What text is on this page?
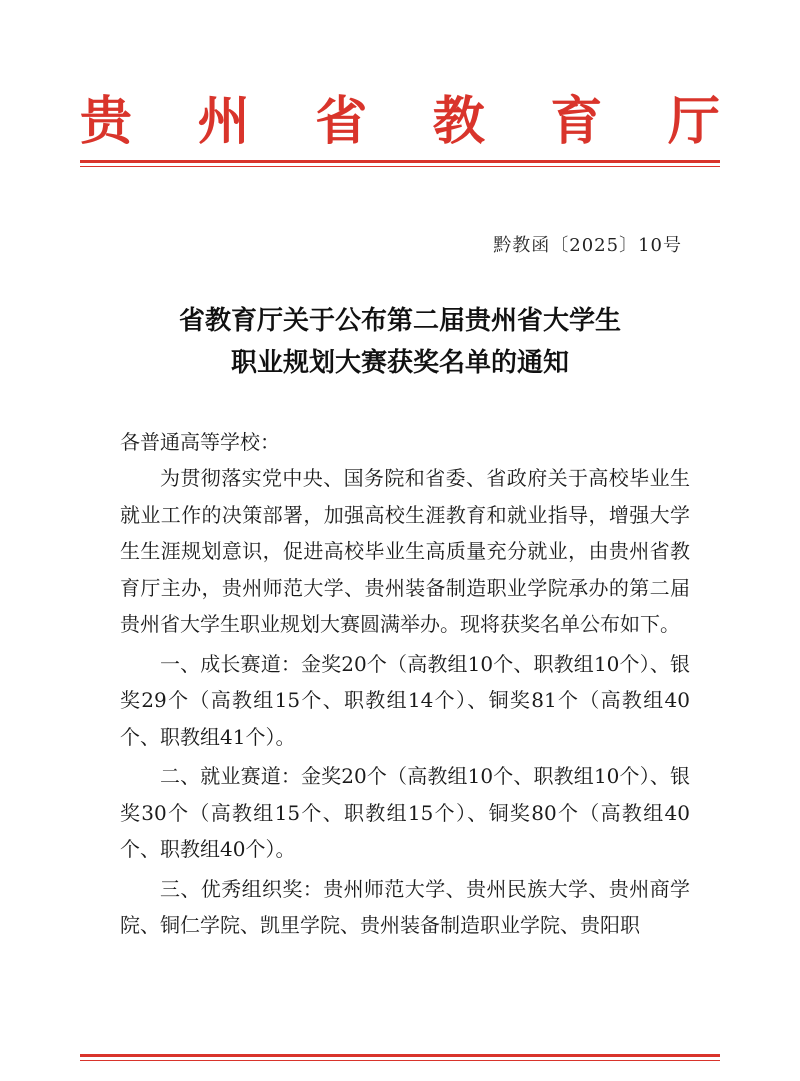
贵 州 省 教 育 厅
黔教函〔2025〕10号
省教育厅关于公布第二届贵州省大学生
职业规划大赛获奖名单的通知
各普通高等学校：

为贯彻落实党中央、国务院和省委、省政府关于高校毕业生就业工作的决策部署，加强高校生涯教育和就业指导，增强大学生生涯规划意识，促进高校毕业生高质量充分就业，由贵州省教育厅主办，贵州师范大学、贵州装备制造职业学院承办的第二届贵州省大学生职业规划大赛圆满举办。现将获奖名单公布如下。

一、成长赛道：金奖20个（高教组10个、职教组10个）、银奖29个（高教组15个、职教组14个）、铜奖81个（高教组40个、职教组41个）。

二、就业赛道：金奖20个（高教组10个、职教组10个）、银奖30个（高教组15个、职教组15个）、铜奖80个（高教组40个、职教组40个）。

三、优秀组织奖：贵州师范大学、贵州民族大学、贵州商学院、铜仁学院、凯里学院、贵州装备制造职业学院、贵阳职
